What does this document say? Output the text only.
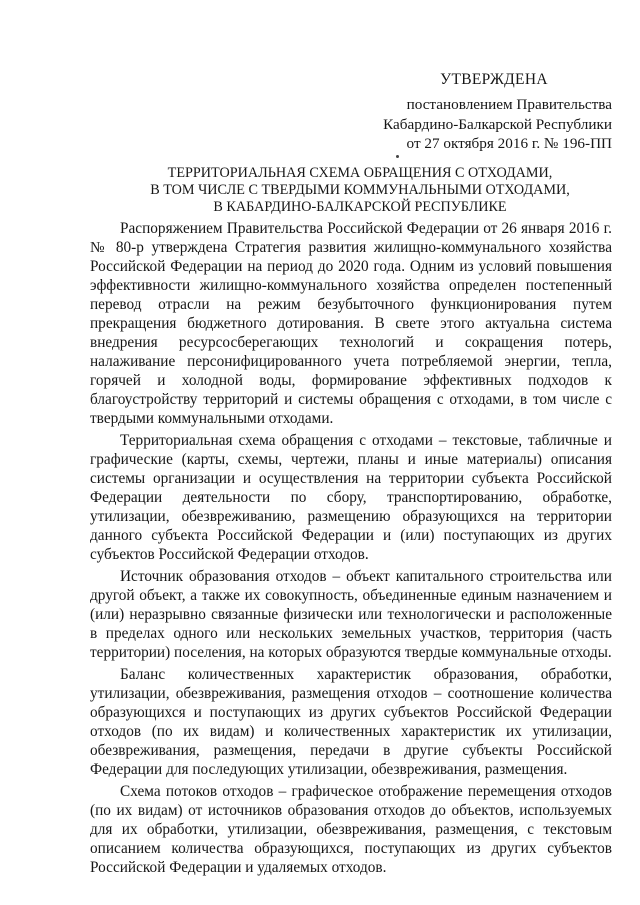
УТВЕРЖДЕНА
постановлением Правительства
Кабардино-Балкарской Республики
от 27 октября 2016 г. № 196-ПП
ТЕРРИТОРИАЛЬНАЯ СХЕМА ОБРАЩЕНИЯ С ОТХОДАМИ,
В ТОМ ЧИСЛЕ С ТВЕРДЫМИ КОММУНАЛЬНЫМИ ОТХОДАМИ,
В КАБАРДИНО-БАЛКАРСКОЙ РЕСПУБЛИКЕ

Распоряжением Правительства Российской Федерации от 26 января 2016 г. № 80-р утверждена Стратегия развития жилищно-коммунального хозяйства Российской Федерации на период до 2020 года. Одним из условий повышения эффективности жилищно-коммунального хозяйства определен постепенный перевод отрасли на режим безубыточного функционирования путем прекращения бюджетного дотирования. В свете этого актуальна система внедрения ресурсосберегающих технологий и сокращения потерь, налаживание персонифицированного учета потребляемой энергии, тепла, горячей и холодной воды, формирование эффективных подходов к благоустройству территорий и системы обращения с отходами, в том числе с твердыми коммунальными отходами.

Территориальная схема обращения с отходами – текстовые, табличные и графические (карты, схемы, чертежи, планы и иные материалы) описания системы организации и осуществления на территории субъекта Российской Федерации деятельности по сбору, транспортированию, обработке, утилизации, обезвреживанию, размещению образующихся на территории данного субъекта Российской Федерации и (или) поступающих из других субъектов Российской Федерации отходов.

Источник образования отходов – объект капитального строительства или другой объект, а также их совокупность, объединенные единым назначением и (или) неразрывно связанные физически или технологически и расположенные в пределах одного или нескольких земельных участков, территория (часть территории) поселения, на которых образуются твердые коммунальные отходы.

Баланс количественных характеристик образования, обработки, утилизации, обезвреживания, размещения отходов – соотношение количества образующихся и поступающих из других субъектов Российской Федерации отходов (по их видам) и количественных характеристик их утилизации, обезвреживания, размещения, передачи в другие субъекты Российской Федерации для последующих утилизации, обезвреживания, размещения.

Схема потоков отходов – графическое отображение перемещения отходов (по их видам) от источников образования отходов до объектов, используемых для их обработки, утилизации, обезвреживания, размещения, с текстовым описанием количества образующихся, поступающих из других субъектов Российской Федерации и удаляемых отходов.
